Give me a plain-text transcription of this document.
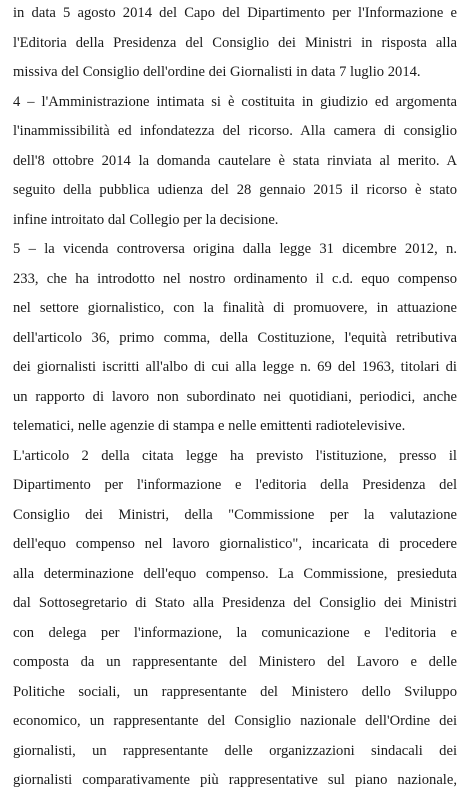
in data 5 agosto 2014 del Capo del Dipartimento per l'Informazione e
l'Editoria della Presidenza del Consiglio dei Ministri in risposta alla
missiva del Consiglio dell'ordine dei Giornalisti in data 7 luglio 2014.
4 – l'Amministrazione intimata si è costituita in giudizio ed argomenta
l'inammissibilità ed infondatezza del ricorso. Alla camera di consiglio
dell'8 ottobre 2014 la domanda cautelare è stata rinviata al merito. A
seguito della pubblica udienza del 28 gennaio 2015 il ricorso è stato
infine introitato dal Collegio per la decisione.
5 – la vicenda controversa origina dalla legge 31 dicembre 2012, n.
233, che ha introdotto nel nostro ordinamento il c.d. equo compenso
nel settore giornalistico, con la finalità di promuovere, in attuazione
dell'articolo 36, primo comma, della Costituzione, l'equità retributiva
dei giornalisti iscritti all'albo di cui alla legge n. 69 del 1963, titolari di
un rapporto di lavoro non subordinato nei quotidiani, periodici, anche
telematici, nelle agenzie di stampa e nelle emittenti radiotelevisive.
L'articolo 2 della citata legge ha previsto l'istituzione, presso il
Dipartimento per l'informazione e l'editoria della Presidenza del
Consiglio dei Ministri, della "Commissione per la valutazione
dell'equo compenso nel lavoro giornalistico", incaricata di procedere
alla determinazione dell'equo compenso. La Commissione, presieduta
dal Sottosegretario di Stato alla Presidenza del Consiglio dei Ministri
con delega per l'informazione, la comunicazione e l'editoria e
composta da un rappresentante del Ministero del Lavoro e delle
Politiche sociali, un rappresentante del Ministero dello Sviluppo
economico, un rappresentante del Consiglio nazionale dell'Ordine dei
giornalisti, un rappresentante delle organizzazioni sindacali dei
giornalisti comparativamente più rappresentative sul piano nazionale,
